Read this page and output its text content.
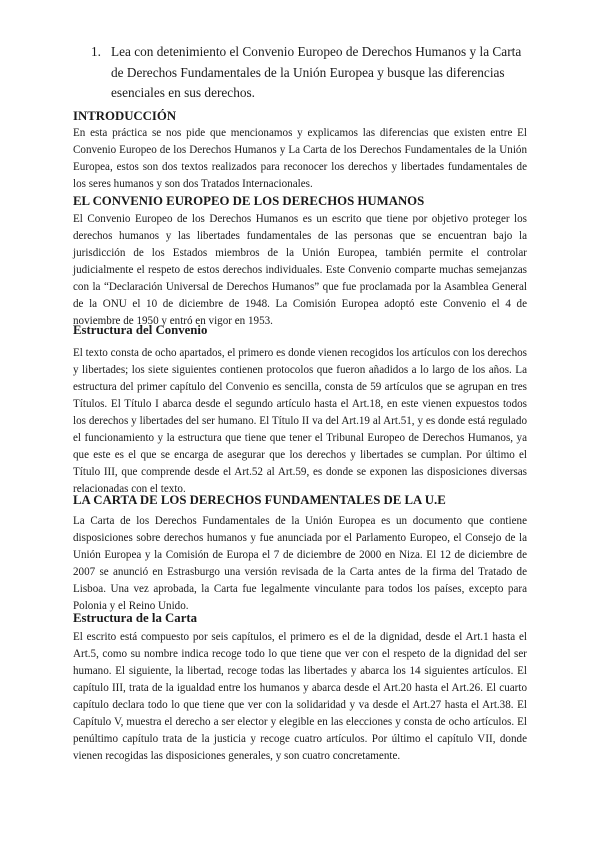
1. Lea con detenimiento el Convenio Europeo de Derechos Humanos y la Carta de Derechos Fundamentales de la Unión Europea y busque las diferencias esenciales en sus derechos.
INTRODUCCIÓN

En esta práctica se nos pide que mencionamos y explicamos las diferencias que existen entre El Convenio Europeo de los Derechos Humanos y La Carta de los Derechos Fundamentales de la Unión Europea, estos son dos textos realizados para reconocer los derechos y libertades fundamentales de los seres humanos y son dos Tratados Internacionales.

EL CONVENIO EUROPEO DE LOS DERECHOS HUMANOS

El Convenio Europeo de los Derechos Humanos es un escrito que tiene por objetivo proteger los derechos humanos y las libertades fundamentales de las personas que se encuentran bajo la jurisdicción de los Estados miembros de la Unión Europea, también permite el controlar judicialmente el respeto de estos derechos individuales. Este Convenio comparte muchas semejanzas con la “Declaración Universal de Derechos Humanos” que fue proclamada por la Asamblea General de la ONU el 10 de diciembre de 1948. La Comisión Europea adoptó este Convenio el 4 de noviembre de 1950 y entró en vigor en 1953.

Estructura del Convenio

El texto consta de ocho apartados, el primero es donde vienen recogidos los artículos con los derechos y libertades; los siete siguientes contienen protocolos que fueron añadidos a lo largo de los años. La estructura del primer capítulo del Convenio es sencilla, consta de 59 artículos que se agrupan en tres Títulos. El Título I abarca desde el segundo artículo hasta el Art.18, en este vienen expuestos todos los derechos y libertades del ser humano. El Título II va del Art.19 al Art.51, y es donde está regulado el funcionamiento y la estructura que tiene que tener el Tribunal Europeo de Derechos Humanos, ya que este es el que se encarga de asegurar que los derechos y libertades se cumplan. Por último el Título III, que comprende desde el Art.52 al Art.59, es donde se exponen las disposiciones diversas relacionadas con el texto.

LA CARTA DE LOS DERECHOS FUNDAMENTALES DE LA U.E

La Carta de los Derechos Fundamentales de la Unión Europea es un documento que contiene disposiciones sobre derechos humanos y fue anunciada por el Parlamento Europeo, el Consejo de la Unión Europea y la Comisión de Europa el 7 de diciembre de 2000 en Niza. El 12 de diciembre de 2007 se anunció en Estrasburgo una versión revisada de la Carta antes de la firma del Tratado de Lisboa. Una vez aprobada, la Carta fue legalmente vinculante para todos los países, excepto para Polonia y el Reino Unido.

Estructura de la Carta

El escrito está compuesto por seis capítulos, el primero es el de la dignidad, desde el Art.1 hasta el Art.5, como su nombre indica recoge todo lo que tiene que ver con el respeto de la dignidad del ser humano. El siguiente, la libertad, recoge todas las libertades y abarca los 14 siguientes artículos. El capítulo III, trata de la igualdad entre los humanos y abarca desde el Art.20 hasta el Art.26. El cuarto capítulo declara todo lo que tiene que ver con la solidaridad y va desde el Art.27 hasta el Art.38. El Capítulo V, muestra el derecho a ser elector y elegible en las elecciones y consta de ocho artículos. El penúltimo capítulo trata de la justicia y recoge cuatro artículos. Por último el capítulo VII, donde vienen recogidas las disposiciones generales, y son cuatro concretamente.
